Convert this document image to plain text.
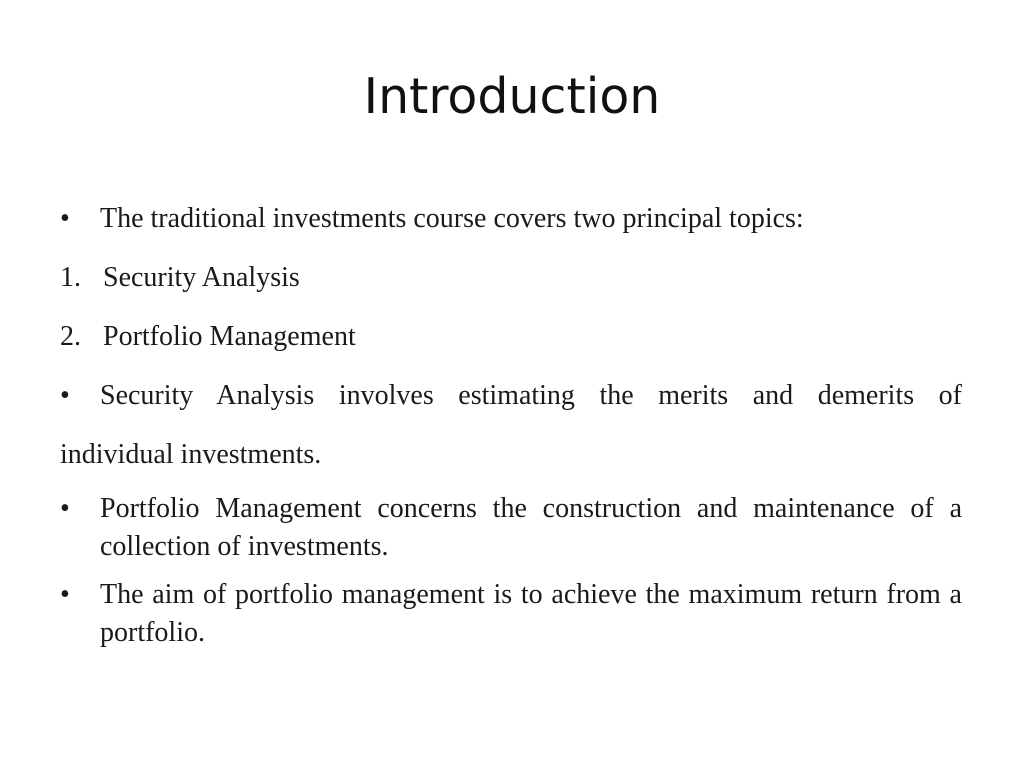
Introduction
•	The traditional investments course covers two principal topics:
1. Security Analysis
2. Portfolio Management
•	Security Analysis involves estimating the merits and demerits of
individual investments.
•	Portfolio Management concerns the construction and maintenance of a collection of investments.
•	The aim of portfolio management is to achieve the maximum return from a portfolio.
